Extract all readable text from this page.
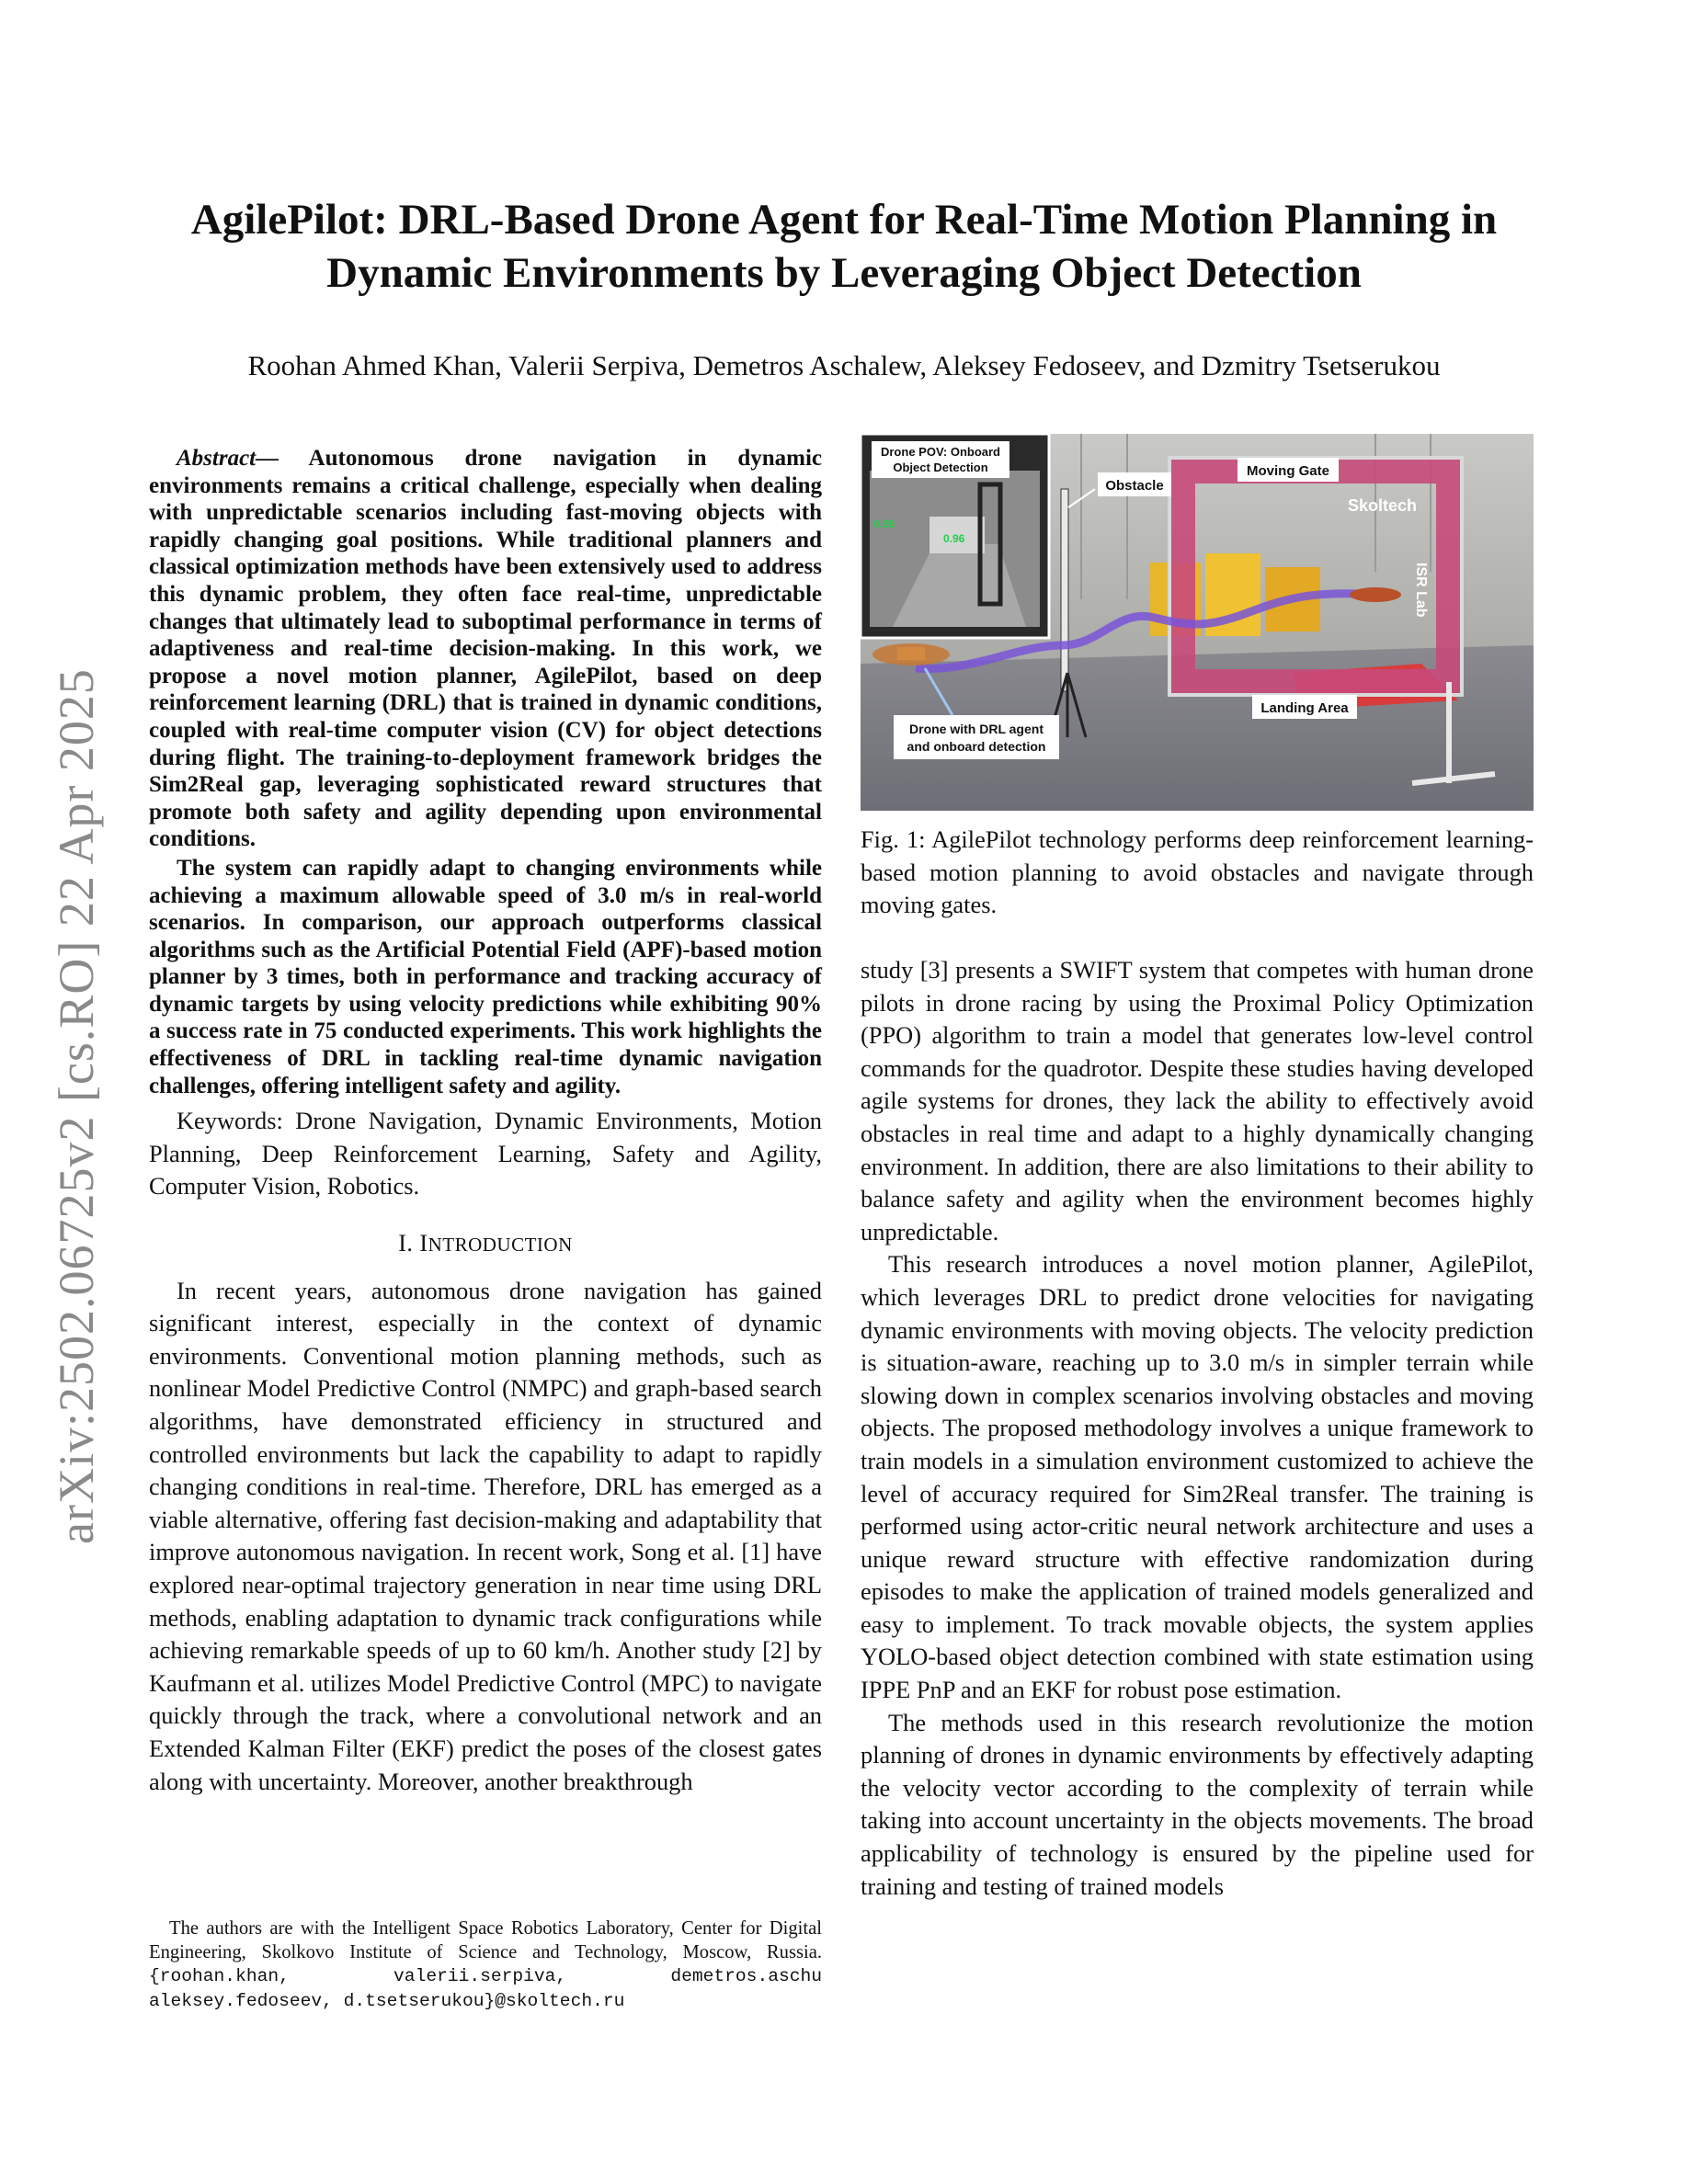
arXiv:2502.06725v2 [cs.RO] 22 Apr 2025
AgilePilot: DRL-Based Drone Agent for Real-Time Motion Planning in Dynamic Environments by Leveraging Object Detection

Roohan Ahmed Khan, Valerii Serpiva, Demetros Aschalew, Aleksey Fedoseev, and Dzmitry Tsetserukou

Abstract— Autonomous drone navigation in dynamic environments remains a critical challenge, especially when dealing with unpredictable scenarios including fast-moving objects with rapidly changing goal positions. While traditional planners and classical optimization methods have been extensively used to address this dynamic problem, they often face real-time, unpredictable changes that ultimately lead to suboptimal performance in terms of adaptiveness and real-time decision-making. In this work, we propose a novel motion planner, AgilePilot, based on deep reinforcement learning (DRL) that is trained in dynamic conditions, coupled with real-time computer vision (CV) for object detections during flight. The training-to-deployment framework bridges the Sim2Real gap, leveraging sophisticated reward structures that promote both safety and agility depending upon environmental conditions.

The system can rapidly adapt to changing environments while achieving a maximum allowable speed of 3.0 m/s in real-world scenarios. In comparison, our approach outperforms classical algorithms such as the Artificial Potential Field (APF)-based motion planner by 3 times, both in performance and tracking accuracy of dynamic targets by using velocity predictions while exhibiting 90% a success rate in 75 conducted experiments. This work highlights the effectiveness of DRL in tackling real-time dynamic navigation challenges, offering intelligent safety and agility.

Keywords: Drone Navigation, Dynamic Environments, Motion Planning, Deep Reinforcement Learning, Safety and Agility, Computer Vision, Robotics.

I. INTRODUCTION

In recent years, autonomous drone navigation has gained significant interest, especially in the context of dynamic environments. Conventional motion planning methods, such as nonlinear Model Predictive Control (NMPC) and graph-based search algorithms, have demonstrated efficiency in structured and controlled environments but lack the capability to adapt to rapidly changing conditions in real-time. Therefore, DRL has emerged as a viable alternative, offering fast decision-making and adaptability that improve autonomous navigation. In recent work, Song et al. [1] have explored near-optimal trajectory generation in near time using DRL methods, enabling adaptation to dynamic track configurations while achieving remarkable speeds of up to 60 km/h. Another study [2] by Kaufmann et al. utilizes Model Predictive Control (MPC) to navigate quickly through the track, where a convolutional network and an Extended Kalman Filter (EKF) predict the poses of the closest gates along with uncertainty. Moreover, another breakthrough

The authors are with the Intelligent Space Robotics Laboratory, Center for Digital Engineering, Skolkovo Institute of Science and Technology, Moscow, Russia. {roohan.khan, valerii.serpiva, demetros.aschu aleksey.fedoseev, d.tsetserukou}@skoltech.ru

Skoltech
ISR Lab
0.96
0.96
Drone POV: Onboard
Object Detection
Obstacle
Moving Gate
Landing Area
Drone with DRL agent
and onboard detection

Fig. 1: AgilePilot technology performs deep reinforcement learning-based motion planning to avoid obstacles and navigate through moving gates.

study [3] presents a SWIFT system that competes with human drone pilots in drone racing by using the Proximal Policy Optimization (PPO) algorithm to train a model that generates low-level control commands for the quadrotor. Despite these studies having developed agile systems for drones, they lack the ability to effectively avoid obstacles in real time and adapt to a highly dynamically changing environment. In addition, there are also limitations to their ability to balance safety and agility when the environment becomes highly unpredictable.

This research introduces a novel motion planner, AgilePilot, which leverages DRL to predict drone velocities for navigating dynamic environments with moving objects. The velocity prediction is situation-aware, reaching up to 3.0 m/s in simpler terrain while slowing down in complex scenarios involving obstacles and moving objects. The proposed methodology involves a unique framework to train models in a simulation environment customized to achieve the level of accuracy required for Sim2Real transfer. The training is performed using actor-critic neural network architecture and uses a unique reward structure with effective randomization during episodes to make the application of trained models generalized and easy to implement. To track movable objects, the system applies YOLO-based object detection combined with state estimation using IPPE PnP and an EKF for robust pose estimation.

The methods used in this research revolutionize the motion planning of drones in dynamic environments by effectively adapting the velocity vector according to the complexity of terrain while taking into account uncertainty in the objects movements. The broad applicability of technology is ensured by the pipeline used for training and testing of trained models
